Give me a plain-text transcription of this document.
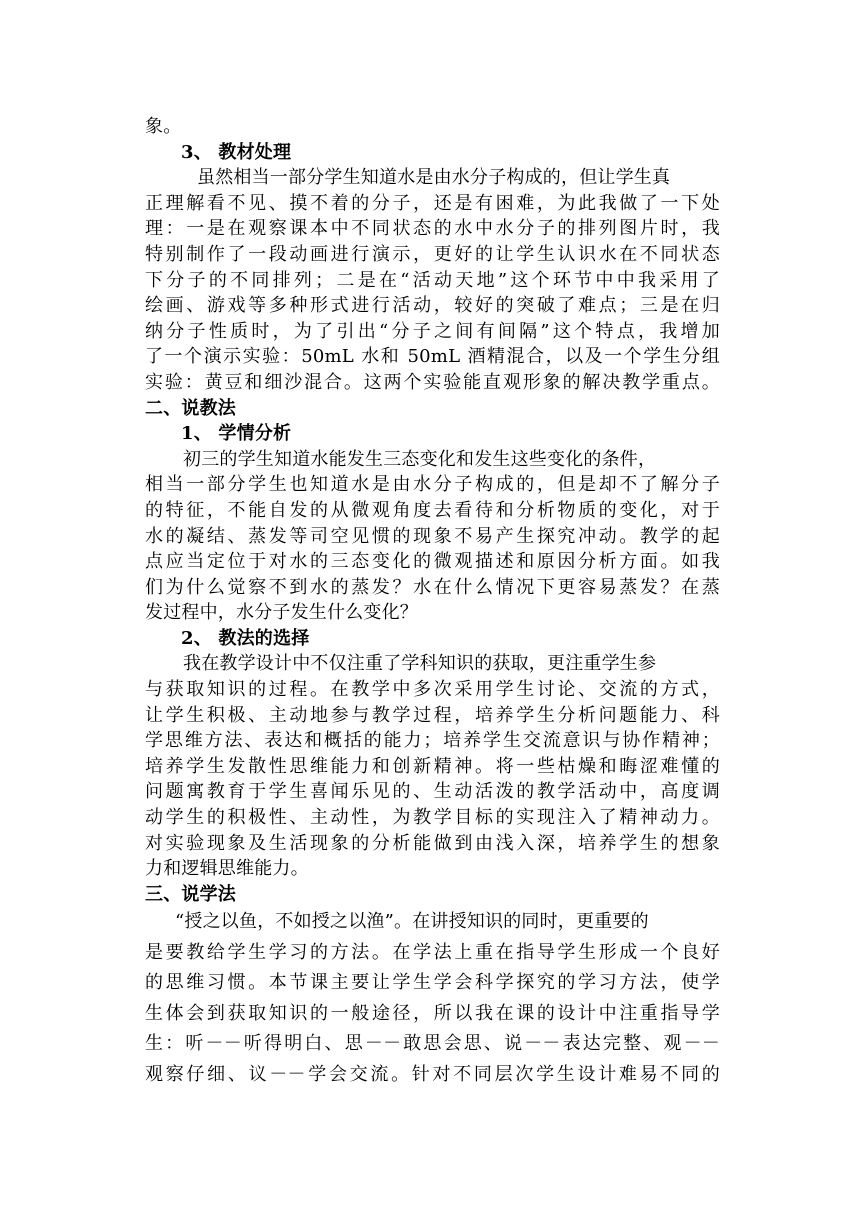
象。
3、 教材处理
虽然相当一部分学生知道水是由水分子构成的，但让学生真
正理解看不见、摸不着的分子，还是有困难，为此我做了一下处
理：一是在观察课本中不同状态的水中水分子的排列图片时，我
特别制作了一段动画进行演示，更好的让学生认识水在不同状态
下分子的不同排列；二是在“活动天地”这个环节中中我采用了
绘画、游戏等多种形式进行活动，较好的突破了难点；三是在归
纳分子性质时，为了引出“分子之间有间隔”这个特点，我增加
了一个演示实验：50mL 水和 50mL 酒精混合，以及一个学生分组
实验：黄豆和细沙混合。这两个实验能直观形象的解决教学重点。
二、说教法
1、 学情分析
初三的学生知道水能发生三态变化和发生这些变化的条件，
相当一部分学生也知道水是由水分子构成的，但是却不了解分子
的特征，不能自发的从微观角度去看待和分析物质的变化，对于
水的凝结、蒸发等司空见惯的现象不易产生探究冲动。教学的起
点应当定位于对水的三态变化的微观描述和原因分析方面。如我
们为什么觉察不到水的蒸发？水在什么情况下更容易蒸发？在蒸
发过程中，水分子发生什么变化？
2、 教法的选择
我在教学设计中不仅注重了学科知识的获取，更注重学生参
与获取知识的过程。在教学中多次采用学生讨论、交流的方式，
让学生积极、主动地参与教学过程，培养学生分析问题能力、科
学思维方法、表达和概括的能力；培养学生交流意识与协作精神；
培养学生发散性思维能力和创新精神。将一些枯燥和晦涩难懂的
问题寓教育于学生喜闻乐见的、生动活泼的教学活动中，高度调
动学生的积极性、主动性，为教学目标的实现注入了精神动力。
对实验现象及生活现象的分析能做到由浅入深，培养学生的想象
力和逻辑思维能力。
三、说学法
“授之以鱼，不如授之以渔”。在讲授知识的同时，更重要的
是要教给学生学习的方法。在学法上重在指导学生形成一个良好
的思维习惯。本节课主要让学生学会科学探究的学习方法，使学
生体会到获取知识的一般途径，所以我在课的设计中注重指导学
生：听－－听得明白、思－－敢思会思、说－－表达完整、观－－
观察仔细、议－－学会交流。针对不同层次学生设计难易不同的
